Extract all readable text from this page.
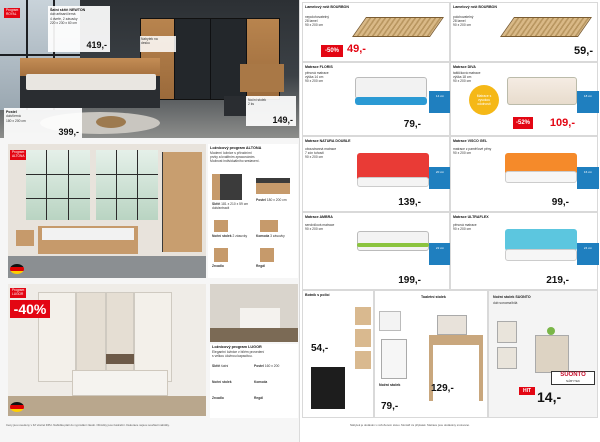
Program
ROYAL
Šatní skříň NEWTON
dub artisan/černá
4 dveře, 2 zásuvky
220 x 230 x 60 cm
419,-
Nabytek na
desku
Postel
dub/černá
180 x 200 cm
399,-
Noční stolek
2 ks
149,-
Program
ALTONA
Ložnicový program ALTONA
Moderní ložnice s přírodními
prvky a kvalitním zpracováním.
Možnost individuálního sestavení.
Skříň 181 x 210 x 59 cm
dub/antracit
Postel 180 x 200 cm
Noční stolek 2 zásuvky	Komoda 3 zásuvky
Zrcadlo	Regál
Program
LUGOR
-40%
Ložnicový program LUGOR
Elegantní ložnice v bílém provedení
s velkou úložnou kapacitou.
Skříň šatní	Postel 160 x 200
Noční stolek	Komoda
Zrcadlo	Regál
Ceny jsou uvedeny v Kč včetně DPH. Nabídka platí do vyprodání zásob. Obrázky jsou ilustrační. Dekorace nejsou součástí nabídky.
Lamelový rošt BOURBON
nepolohovatelný
28 lamel
90 x 200 cm
-50% 49,-
Lamelový rošt BOURBON
polohovatelný
28 lamel
90 x 200 cm
59,-
Matrace FLORIS
pěnová matrace
výška 14 cm
90 x 200 cm
14 cm
79,-
Matrace DIVA
taštičková matrace
výška 18 cm
90 x 200 cm
Matrace s
vysokou
odolností
18 cm
-52% 109,-
Matrace NATURA DOUBLE
oboustranná matrace
7 zón tuhosti
90 x 200 cm
20 cm
139,-
Matrace VISCO GEL
matrace z paměťové pěny
90 x 200 cm
16 cm
99,-
Matrace AMBRA
sendvičová matrace
90 x 200 cm
22 cm
199,-
Matrace ULTRAFLEX
pěnová matrace
90 x 200 cm
24 cm
219,-
Botník s policí
54,-
Toaletní stolek
129,-
79,-
Noční stolek
Noční stolek SUONTO
dub sonoma/bílá
SUONTO
NÁBYTEK
HIT 14,-
Nábytek je dodáván v rozloženém stavu. Montáž za příplatek. Matrace jsou dodávány srolované.
